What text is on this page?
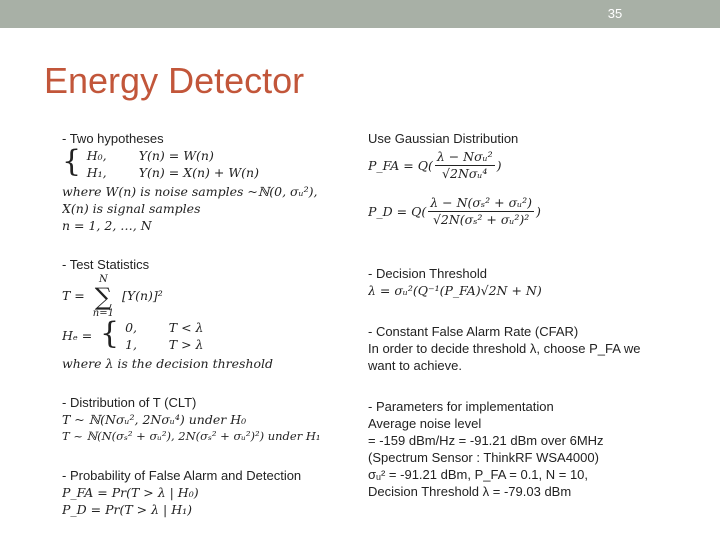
35
Energy Detector
- Two hypotheses
{ H₀,	Y(n) = W(n)
H₁,	Y(n) = X(n) + W(n)
where W(n) is noise samples ~ℕ(0, σᵤ²),
X(n) is signal samples
n = 1, 2, …, N
- Test Statistics
T =
N
∑
n=1
[Y(n)]²
Hₑ = { 0,        T < λ
1,        T > λ
where λ is the decision threshold
- Distribution of T (CLT)
T ~ ℕ(Nσᵤ², 2Nσᵤ⁴) under H₀
T ~ ℕ(N(σₛ² + σᵤ²), 2N(σₛ² + σᵤ²)²) under H₁
- Probability of False Alarm and Detection
P_FA = Pr(T > λ | H₀)
P_D = Pr(T > λ | H₁)
Use Gaussian Distribution
P_FA = $Q( \frac{\text{λ − Nσᵤ²}}{\text{√2Nσᵤ⁴}}$ )
P_D = $Q( \frac{\text{λ − N(σₛ² + σᵤ²)}}{\text{√2N(σₛ² + σᵤ²)²}}$ )
- Decision Threshold
λ = σᵤ²(Q⁻¹(P_FA)√2N + N)
- Constant False Alarm Rate (CFAR)
In order to decide threshold λ, choose P_FA we
want to achieve.
- Parameters for implementation
Average noise level
= -159 dBm/Hz = -91.21 dBm over 6MHz
(Spectrum Sensor : ThinkRF WSA4000)
σᵤ² = -91.21 dBm, P_FA = 0.1, N = 10,
Decision Threshold λ = -79.03 dBm
